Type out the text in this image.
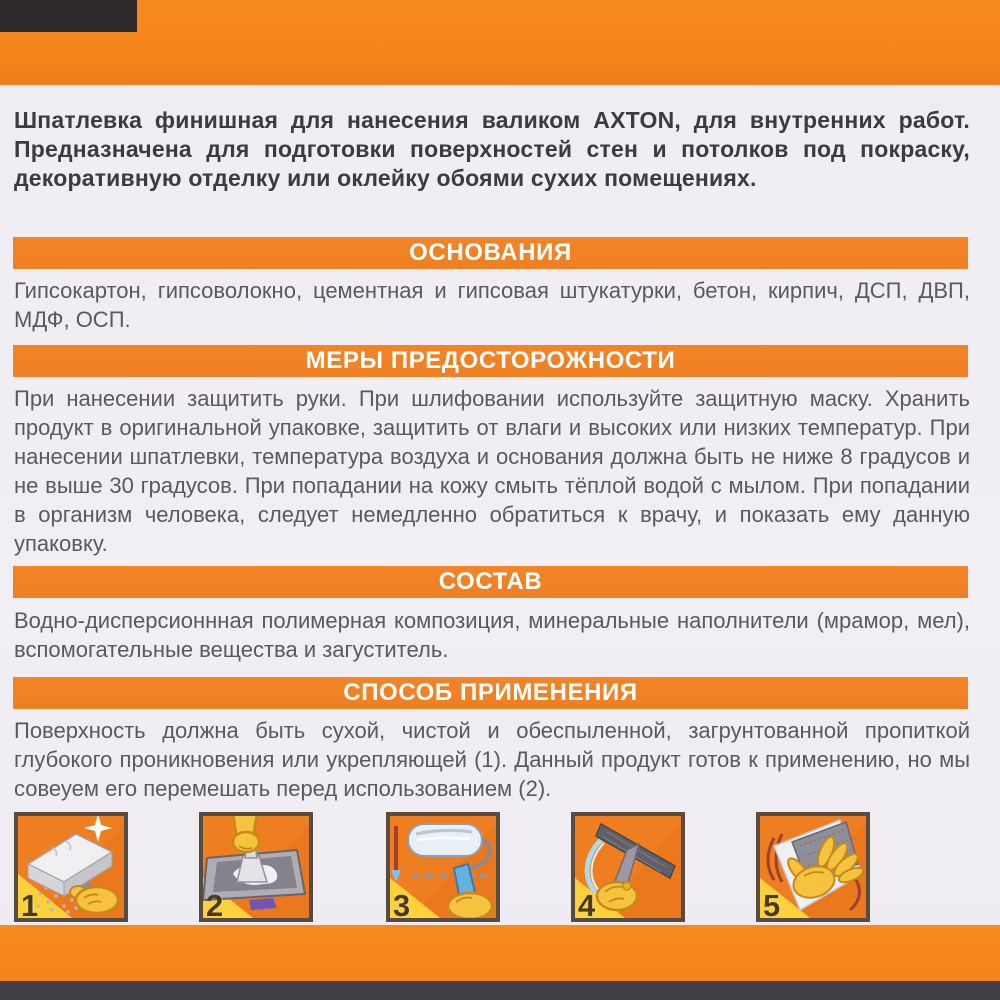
Шпатлевка финишная для нанесения валиком AXTON, для внутренних работ. Предназначена для подготовки поверхностей стен и потолков под покраску, декоративную отделку или оклейку обоями сухих помещениях.

ОСНОВАНИЯ

Гипсокартон, гипсоволокно, цементная и гипсовая штукатурки, бетон, кирпич, ДСП, ДВП, МДФ, ОСП.

МЕРЫ ПРЕДОСТОРОЖНОСТИ

При нанесении защитить руки. При шлифовании используйте защитную маску. Хранить продукт в оригинальной упаковке, защитить от влаги и высоких или низких температур. При нанесении шпатлевки, температура воздуха и основания должна быть не ниже 8 градусов и не выше 30 градусов. При попадании на кожу смыть тёплой водой с мылом. При попадании в организм человека, следует немедленно обратиться к врачу, и показать ему данную упаковку.

СОСТАВ

Водно-дисперсионнная полимерная композиция, минеральные наполнители (мрамор, мел), вспомогательные вещества и загуститель.

СПОСОБ ПРИМЕНЕНИЯ

Поверхность должна быть сухой, чистой и обеспыленной, загрунтованной пропиткой глубокого проникновения или укрепляющей (1). Данный продукт готов к применению, но мы совеуем его перемешать перед использованием (2).

1	2	3	4	5
